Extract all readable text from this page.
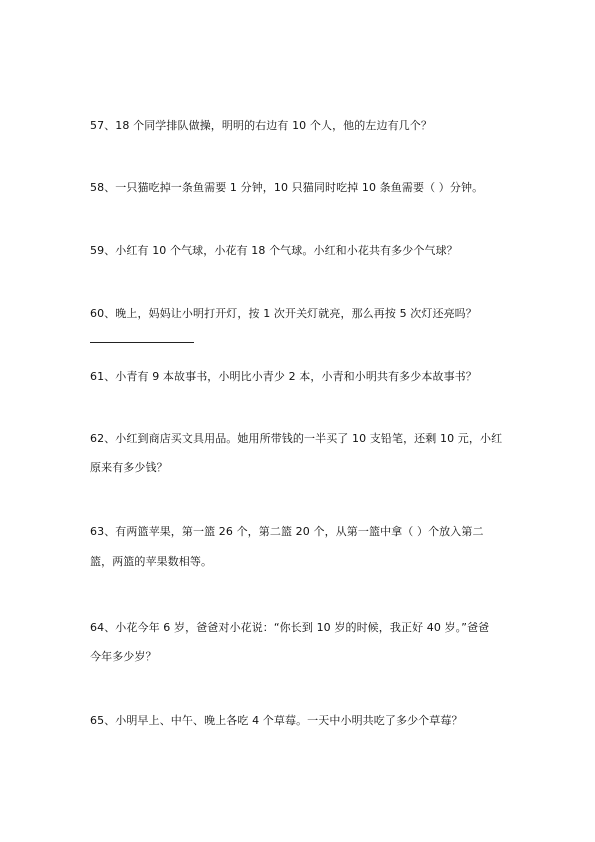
57、18 个同学排队做操，明明的右边有 10 个人，他的左边有几个？
58、一只猫吃掉一条鱼需要 1 分钟，10 只猫同时吃掉 10 条鱼需要（ ）分钟。
59、小红有 10 个气球，小花有 18 个气球。小红和小花共有多少个气球？
60、晚上，妈妈让小明打开灯，按 1 次开关灯就亮，那么再按 5 次灯还亮吗？
61、小青有 9 本故事书，小明比小青少 2 本，小青和小明共有多少本故事书？
62、小红到商店买文具用品。她用所带钱的一半买了 10 支铅笔，还剩 10 元，小红
原来有多少钱？
63、有两篮苹果，第一篮 26 个，第二篮 20 个，从第一篮中拿（ ）个放入第二
篮，两篮的苹果数相等。
64、小花今年 6 岁，爸爸对小花说：“你长到 10 岁的时候，我正好 40 岁。”爸爸
今年多少岁？
65、小明早上、中午、晚上各吃 4 个草莓。一天中小明共吃了多少个草莓？
